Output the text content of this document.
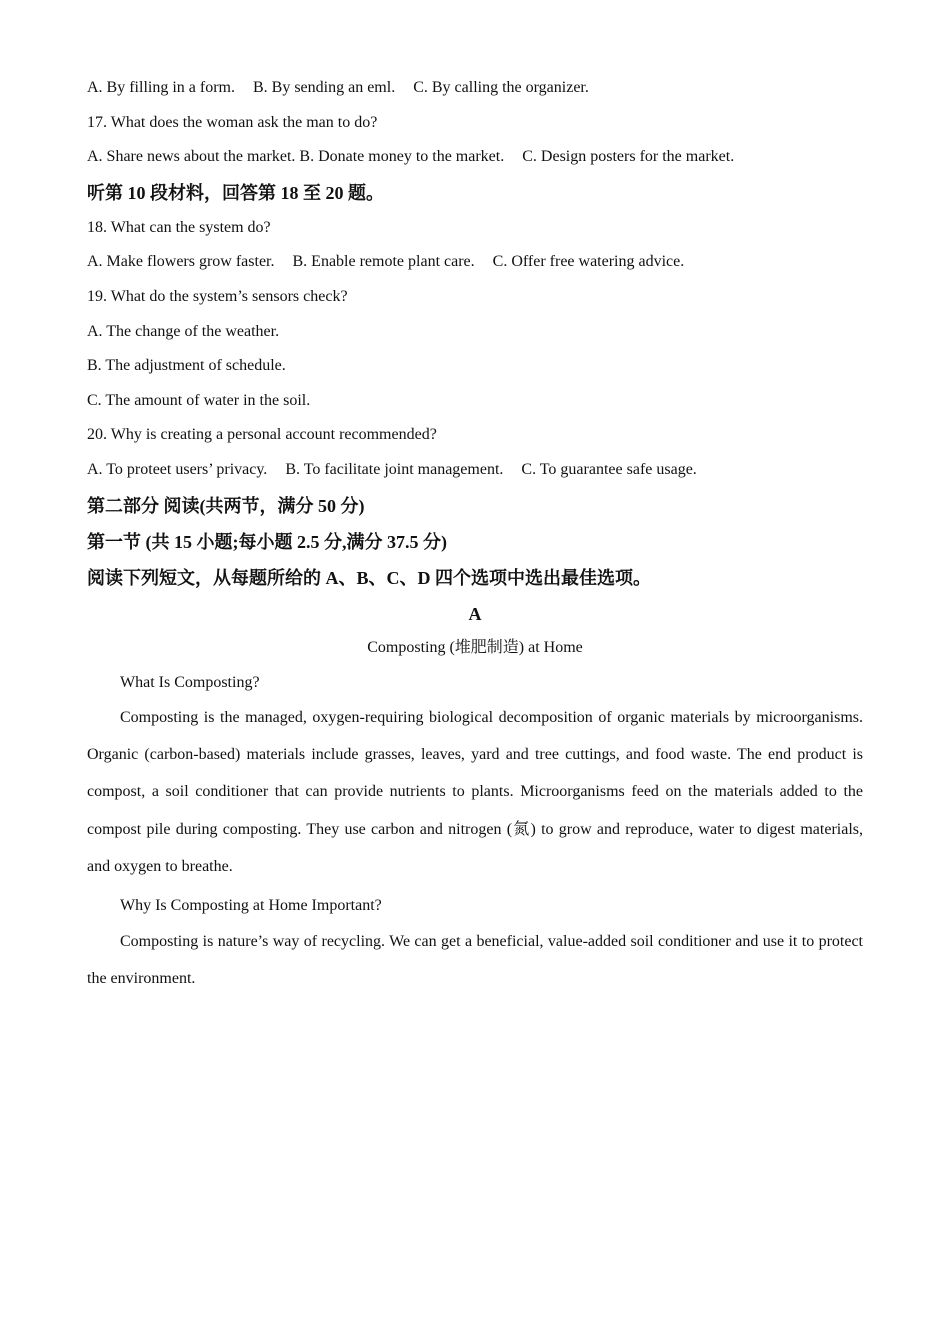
A. By filling in a form. B. By sending an eml. C. By calling the organizer.
17. What does the woman ask the man to do?
A. Share news about the market. B. Donate money to the market. C. Design posters for the market.
听第 10 段材料，回答第 18 至 20 题。
18. What can the system do?
A. Make flowers grow faster. B. Enable remote plant care. C. Offer free watering advice.
19. What do the system’s sensors check?
A. The change of the weather.
B. The adjustment of schedule.
C. The amount of water in the soil.
20. Why is creating a personal account recommended?
A. To proteet users’ privacy. B. To facilitate joint management. C. To guarantee safe usage.
第二部分 阅读(共两节，满分 50 分)
第一节 (共 15 小题;每小题 2.5 分,满分 37.5 分)
阅读下列短文，从每题所给的 A、B、C、D 四个选项中选出最佳选项。
A
Composting (堆肥制造) at Home
What Is Composting?

Composting is the managed, oxygen-requiring biological decomposition of organic materials by microorganisms. Organic (carbon-based) materials include grasses, leaves, yard and tree cuttings, and food waste. The end product is compost, a soil conditioner that can provide nutrients to plants. Microorganisms feed on the materials added to the compost pile during composting. They use carbon and nitrogen (氮) to grow and reproduce, water to digest materials, and oxygen to breathe.

Why Is Composting at Home Important?

Composting is nature’s way of recycling. We can get a beneficial, value-added soil conditioner and use it to protect the environment.
